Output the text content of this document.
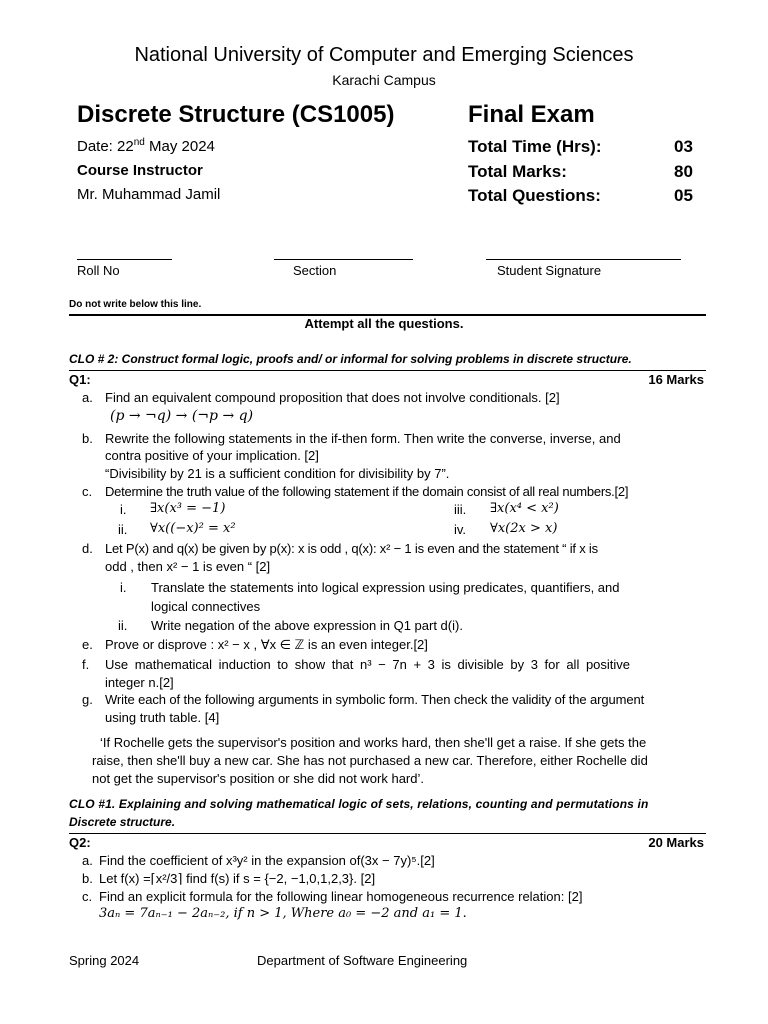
National University of Computer and Emerging Sciences
Karachi Campus
Discrete Structure (CS1005)	Final Exam
Date: 22nd May 2024
Course Instructor
Mr. Muhammad Jamil
Total Time (Hrs):	03
Total Marks:	80
Total Questions:	05
Roll No	Section	Student Signature
Do not write below this line.
Attempt all the questions.
CLO # 2: Construct formal logic, proofs and/ or informal for solving problems in discrete structure.
Q1:	16 Marks
a. Find an equivalent compound proposition that does not involve conditionals. [2]
(p → ¬q) → (¬p → q)
b. Rewrite the following statements in the if-then form. Then write the converse, inverse, and
contra positive of your implication. [2]
“Divisibility by 21 is a sufficient condition for divisibility by 7”.
c. Determine the truth value of the following statement if the domain consist of all real numbers.[2]
i. ∃x(x³ = −1)	iii. ∃x(x⁴ < x²)
ii. ∀x((−x)² = x²	iv. ∀x(2x > x)
d. Let P(x) and q(x) be given by p(x): x is odd , q(x): x² − 1 is even and the statement “ if x is
odd , then x² − 1 is even “ [2]
i. Translate the statements into logical expression using predicates, quantifiers, and
logical connectives
ii. Write negation of the above expression in Q1 part d(i).
e. Prove or disprove : x² − x , ∀x ∈ ℤ is an even integer.[2]
f. Use mathematical induction to show that n³ − 7n + 3 is divisible by 3 for all positive
integer n.[2]
g. Write each of the following arguments in symbolic form. Then check the validity of the argument
using truth table. [4]
‘If Rochelle gets the supervisor's position and works hard, then she'll get a raise. If she gets the
raise, then she'll buy a new car. She has not purchased a new car. Therefore, either Rochelle did
not get the supervisor's position or she did not work hard’.
CLO #1. Explaining and solving mathematical logic of sets, relations, counting and permutations in
Discrete structure.
Q2:	20 Marks
a. Find the coefficient of x³y² in the expansion of(3x − 7y)⁵.[2]
b. Let f(x) =⌈x²/3⌉ find f(s) if s = {−2, −1,0,1,2,3}. [2]
c. Find an explicit formula for the following linear homogeneous recurrence relation: [2]
3aₙ = 7aₙ₋₁ − 2aₙ₋₂, if n > 1, Where a₀ = −2 and a₁ = 1.
Spring 2024	Department of Software Engineering
